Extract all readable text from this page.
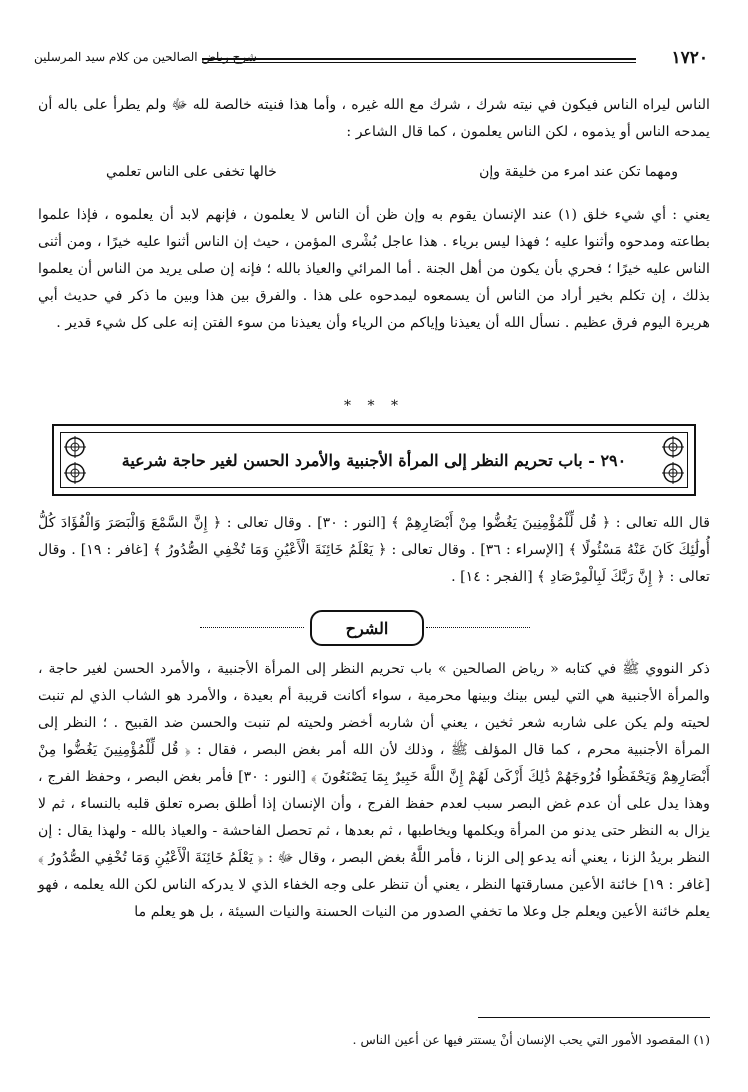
١٧٢٠
شرح رياض الصالحين من كلام سيد المرسلين

الناس ليراه الناس فيكون في نيته شرك ، شرك مع الله غيره ، وأما هذا فنيته خالصة لله ﷻ ولم يطرأ على باله أن يمدحه الناس أو يذموه ، لكن الناس يعلمون ، كما قال الشاعر :

ومهما تكن عند امرء من خليقة وإن
خالها تخفى على الناس تعلمي

يعني : أي شيء خلق (١) عند الإنسان يقوم به وإن ظن أن الناس لا يعلمون ، فإنهم لابد أن يعلموه ، فإذا علموا بطاعته ومدحوه وأثنوا عليه ؛ فهذا ليس برياء . هذا عاجل بُشْرى المؤمن ، حيث إن الناس أثنوا عليه خيرًا ، ومن أثنى الناس عليه خيرًا ؛ فحري بأن يكون من أهل الجنة . أما المرائي والعياذ بالله ؛ فإنه إن صلى يريد من الناس أن يعلموا بذلك ، إن تكلم بخير أراد من الناس أن يسمعوه ليمدحوه على هذا . والفرق بين هذا وبين ما ذكر في حديث أبي هريرة اليوم فرق عظيم . نسأل الله أن يعيذنا وإياكم من الرياء وأن يعيذنا من سوء الفتن إنه على كل شيء قدير .

* * *
٢٩٠ - باب تحريم النظر إلى المرأة الأجنبية والأمرد الحسن لغير حاجة شرعية

قال الله تعالى : ﴿ قُل لِّلْمُؤْمِنِينَ يَغُضُّوا مِنْ أَبْصَارِهِمْ ﴾ [النور : ٣٠] . وقال تعالى : ﴿ إِنَّ السَّمْعَ وَالْبَصَرَ وَالْفُؤَادَ كُلُّ أُولَٰئِكَ كَانَ عَنْهُ مَسْئُولًا ﴾ [الإسراء : ٣٦] . وقال تعالى : ﴿ يَعْلَمُ خَائِنَةَ الْأَعْيُنِ وَمَا تُخْفِي الصُّدُورُ ﴾ [غافر : ١٩] . وقال تعالى : ﴿ إِنَّ رَبَّكَ لَبِالْمِرْصَادِ ﴾ [الفجر : ١٤] .

الشرح

ذكر النووي ﷺ في كتابه « رياض الصالحين » باب تحريم النظر إلى المرأة الأجنبية ، والأمرد الحسن لغير حاجة ، والمرأة الأجنبية هي التي ليس بينك وبينها محرمية ، سواء أكانت قريبة أم بعيدة ، والأمرد هو الشاب الذي لم تنبت لحيته ولم يكن على شاربه شعر ثخين ، يعني أن شاربه أخضر ولحيته لم تنبت والحسن ضد القبيح . ؛ النظر إلى المرأة الأجنبية محرم ، كما قال المؤلف ﷺ ، وذلك لأن الله أمر بغض البصر ، فقال : ﴿ قُل لِّلْمُؤْمِنِينَ يَغُضُّوا مِنْ أَبْصَارِهِمْ وَيَحْفَظُوا فُرُوجَهُمْ ذَٰلِكَ أَزْكَىٰ لَهُمْ إِنَّ اللَّهَ خَبِيرٌ بِمَا يَصْنَعُونَ ﴾ [النور : ٣٠] فأمر بغض البصر ، وحفظ الفرج ، وهذا يدل على أن عدم غض البصر سبب لعدم حفظ الفرج ، وأن الإنسان إذا أطلق بصره تعلق قلبه بالنساء ، ثم لا يزال به النظر حتى يدنو من المرأة ويكلمها ويخاطبها ، ثم بعدها ، ثم تحصل الفاحشة - والعياذ بالله - ولهذا يقال : إن النظر بريدُ الزنا ، يعني أنه يدعو إلى الزنا ، فأمر اللَّهُ بغض البصر ، وقال ﷻ : ﴿ يَعْلَمُ خَائِنَةَ الْأَعْيُنِ وَمَا تُخْفِي الصُّدُورُ ﴾ [غافر : ١٩] خائنة الأعين مسارقتها النظر ، يعني أن تنظر على وجه الخفاء الذي لا يدركه الناس لكن الله يعلمه ، فهو يعلم خائنة الأعين ويعلم جل وعلا ما تخفي الصدور من النيات الحسنة والنيات السيئة ، بل هو يعلم ما

(١) المقصود الأمور التي يحب الإنسان أنْ يستتر فيها عن أعين الناس .
